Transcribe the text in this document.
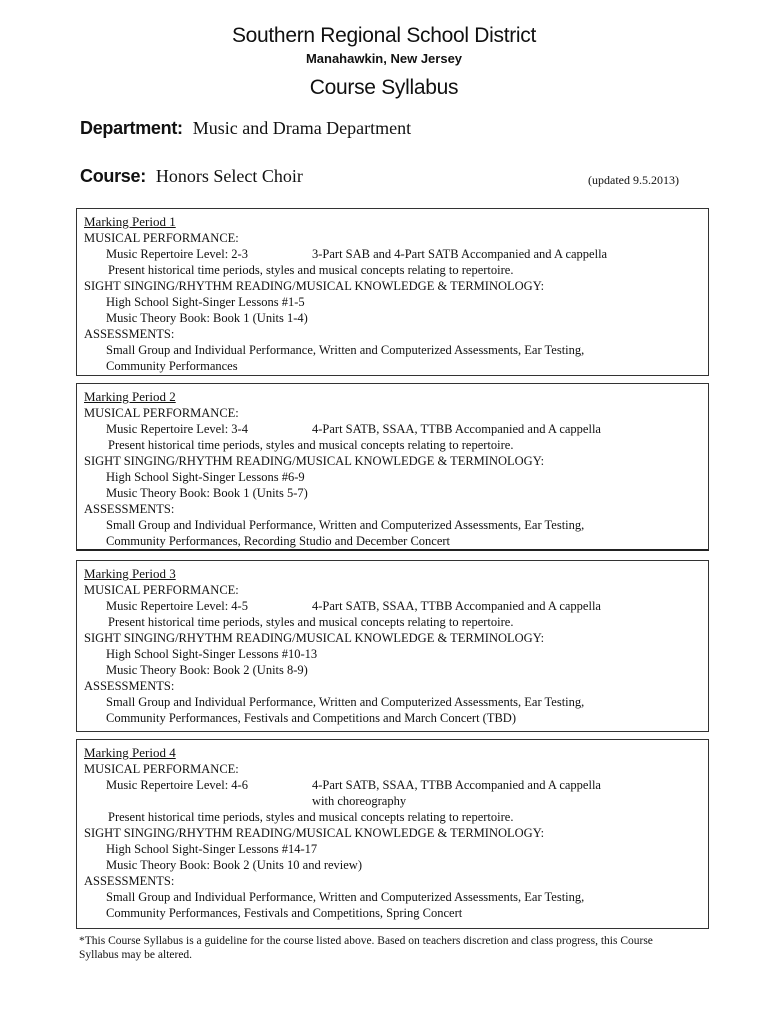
Southern Regional School District
Manahawkin, New Jersey
Course Syllabus
Department: Music and Drama Department
Course: Honors Select Choir	(updated 9.5.2013)
Marking Period 1
MUSICAL PERFORMANCE:
Music Repertoire Level: 2-3	3-Part SAB and 4-Part SATB Accompanied and A cappella
Present historical time periods, styles and musical concepts relating to repertoire.
SIGHT SINGING/RHYTHM READING/MUSICAL KNOWLEDGE & TERMINOLOGY:
High School Sight-Singer Lessons #1-5
Music Theory Book: Book 1 (Units 1-4)
ASSESSMENTS:
Small Group and Individual Performance, Written and Computerized Assessments, Ear Testing,
Community Performances
Marking Period 2
MUSICAL PERFORMANCE:
Music Repertoire Level: 3-4	4-Part SATB, SSAA, TTBB Accompanied and A cappella
Present historical time periods, styles and musical concepts relating to repertoire.
SIGHT SINGING/RHYTHM READING/MUSICAL KNOWLEDGE & TERMINOLOGY:
High School Sight-Singer Lessons #6-9
Music Theory Book: Book 1 (Units 5-7)
ASSESSMENTS:
Small Group and Individual Performance, Written and Computerized Assessments, Ear Testing,
Community Performances, Recording Studio and December Concert
Marking Period 3
MUSICAL PERFORMANCE:
Music Repertoire Level: 4-5	4-Part SATB, SSAA, TTBB Accompanied and A cappella
Present historical time periods, styles and musical concepts relating to repertoire.
SIGHT SINGING/RHYTHM READING/MUSICAL KNOWLEDGE & TERMINOLOGY:
High School Sight-Singer Lessons #10-13
Music Theory Book: Book 2 (Units 8-9)
ASSESSMENTS:
Small Group and Individual Performance, Written and Computerized Assessments, Ear Testing,
Community Performances, Festivals and Competitions and March Concert (TBD)
Marking Period 4
MUSICAL PERFORMANCE:
Music Repertoire Level: 4-6	4-Part SATB, SSAA, TTBB Accompanied and A cappella
with choreography
Present historical time periods, styles and musical concepts relating to repertoire.
SIGHT SINGING/RHYTHM READING/MUSICAL KNOWLEDGE & TERMINOLOGY:
High School Sight-Singer Lessons #14-17
Music Theory Book: Book 2 (Units 10 and review)
ASSESSMENTS:
Small Group and Individual Performance, Written and Computerized Assessments, Ear Testing,
Community Performances, Festivals and Competitions, Spring Concert
*This Course Syllabus is a guideline for the course listed above. Based on teachers discretion and class progress, this Course Syllabus may be altered.
